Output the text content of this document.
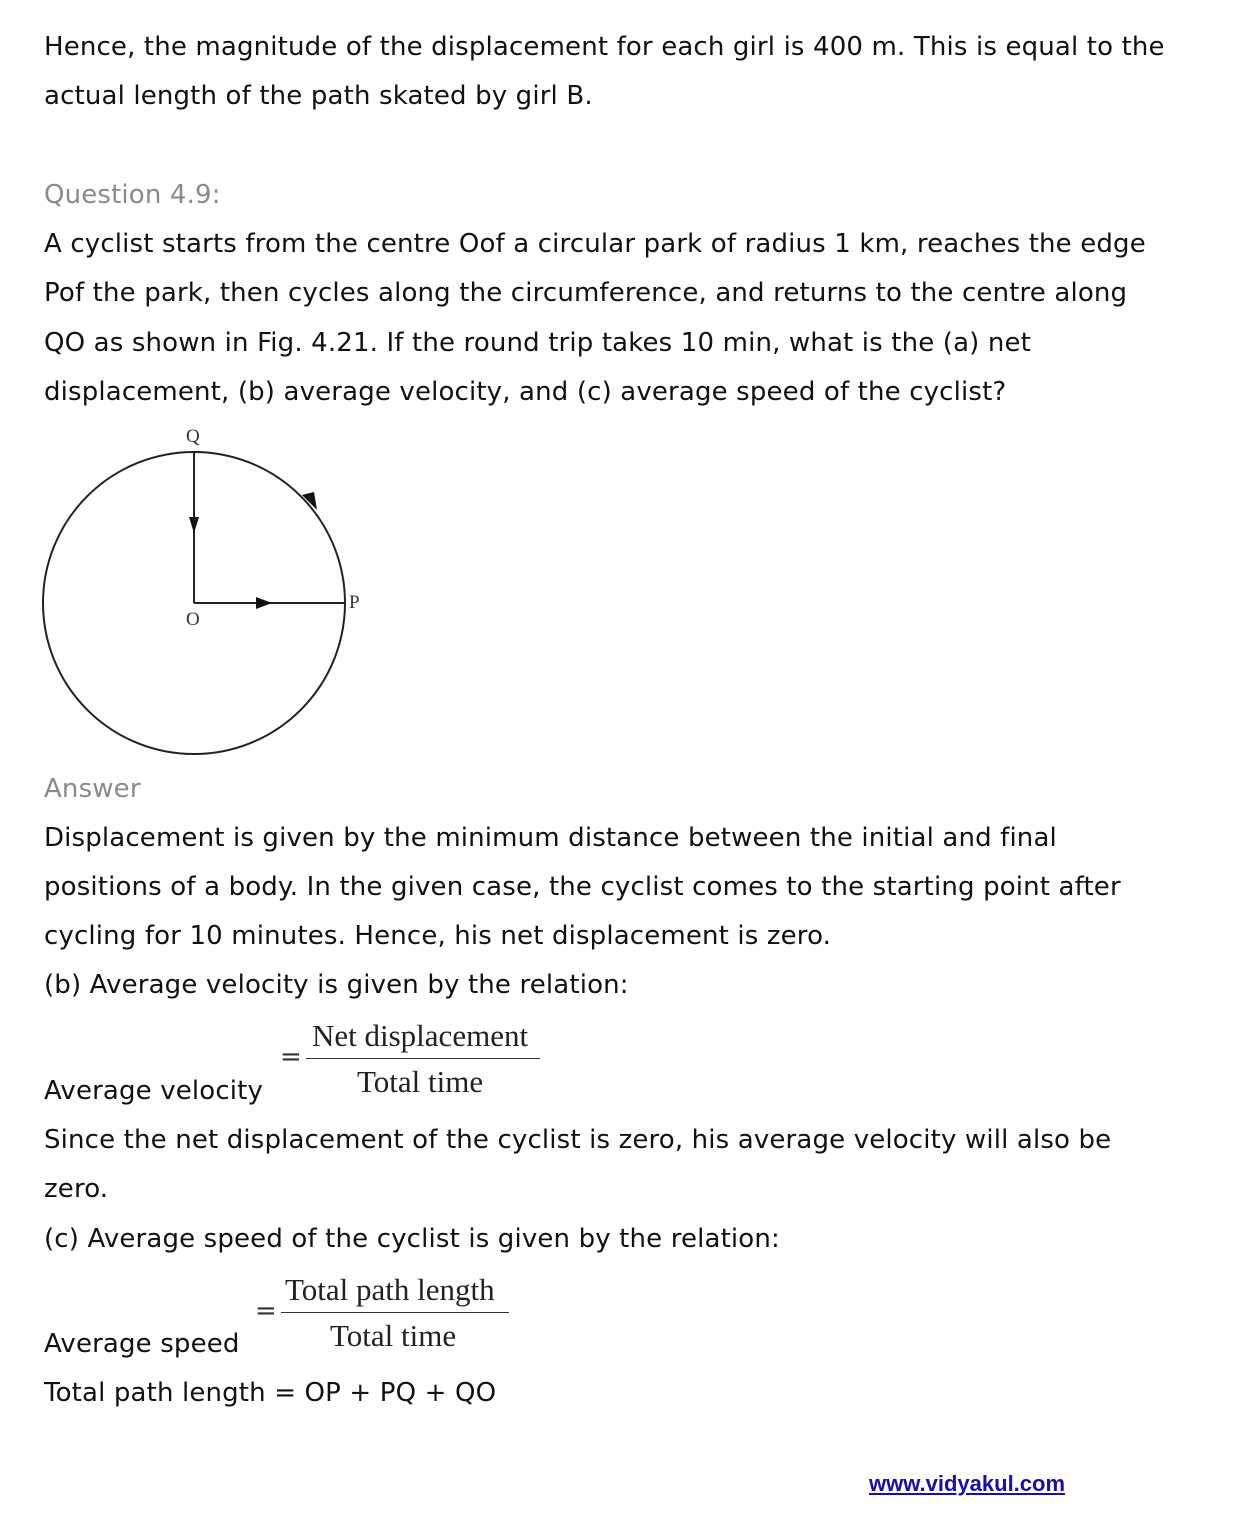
Hence, the magnitude of the displacement for each girl is 400 m. This is equal to the
actual length of the path skated by girl B.
Question 4.9:
A cyclist starts from the centre Oof a circular park of radius 1 km, reaches the edge
Pof the park, then cycles along the circumference, and returns to the centre along
QO as shown in Fig. 4.21. If the round trip takes 10 min, what is the (a) net
displacement, (b) average velocity, and (c) average speed of the cyclist?
Q
O
P
Answer
Displacement is given by the minimum distance between the initial and final
positions of a body. In the given case, the cyclist comes to the starting point after
cycling for 10 minutes. Hence, his net displacement is zero.
(b) Average velocity is given by the relation:
Average velocity
=
Net displacement
Total time
Since the net displacement of the cyclist is zero, his average velocity will also be
zero.
(c) Average speed of the cyclist is given by the relation:
Average speed
=
Total path length
Total time
Total path length = OP + PQ + QO
www.vidyakul.com
